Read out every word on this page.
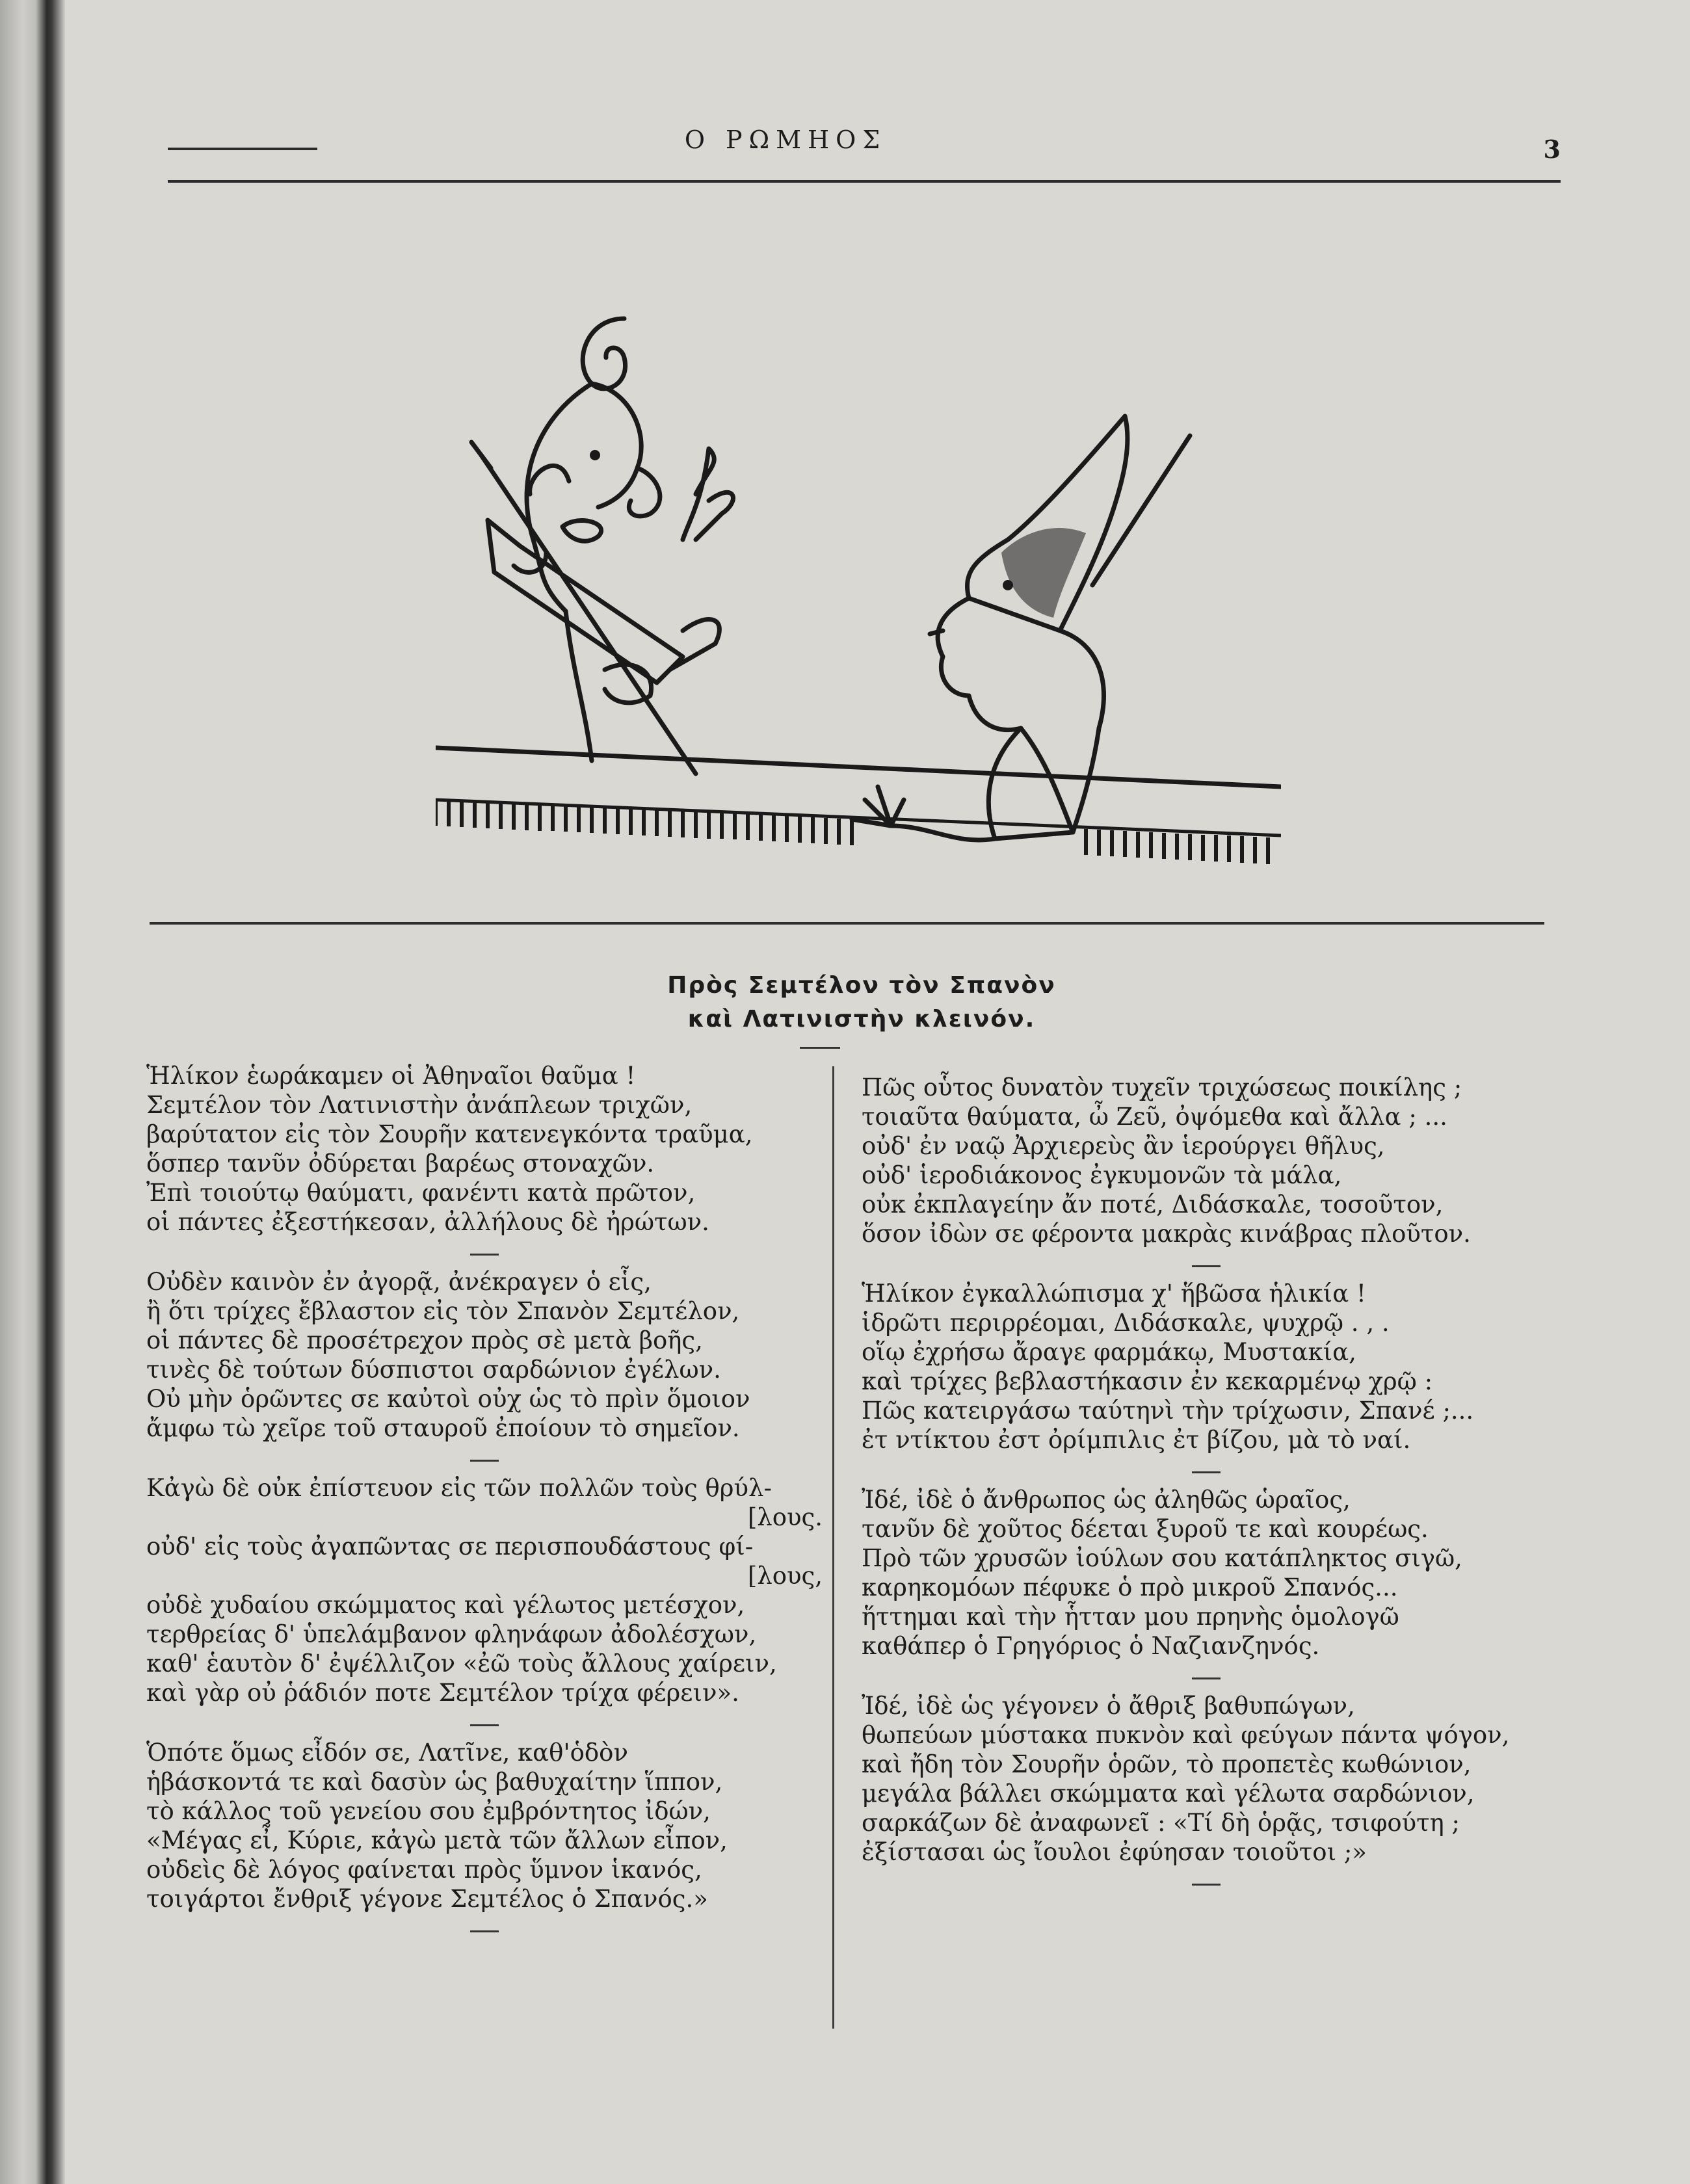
Ο ΡΩΜΗΟΣ	3
Πρὸς Σεμτέλον τὸν Σπανὸν
καὶ Λατινιστὴν κλεινόν.
Ἡλίκον ἑωράκαμεν οἱ Ἀθηναῖοι θαῦμα !
Σεμτέλον τὸν Λατινιστὴν ἀνάπλεων τριχῶν,
βαρύτατον εἰς τὸν Σουρῆν κατενεγκόντα τραῦμα,
ὅσπερ τανῦν ὀδύρεται βαρέως στοναχῶν.
Ἐπὶ τοιούτῳ θαύματι, φανέντι κατὰ πρῶτον,
οἱ πάντες ἐξεστήκεσαν, ἀλλήλους δὲ ἠρώτων.
Οὐδὲν καινὸν ἐν ἀγορᾷ, ἀνέκραγεν ὁ εἷς,
ἢ ὅτι τρίχες ἔβλαστον εἰς τὸν Σπανὸν Σεμτέλον,
οἱ πάντες δὲ προσέτρεχον πρὸς σὲ μετὰ βοῆς,
τινὲς δὲ τούτων δύσπιστοι σαρδώνιον ἐγέλων.
Οὐ μὴν ὁρῶντες σε καὐτοὶ οὐχ ὡς τὸ πρὶν ὅμοιον
ἄμφω τὼ χεῖρε τοῦ σταυροῦ ἐποίουν τὸ σημεῖον.
Κἀγὼ δὲ οὐκ ἐπίστευον εἰς τῶν πολλῶν τοὺς θρύλ-
[λους.
οὐδ' εἰς τοὺς ἀγαπῶντας σε περισπουδάστους φί-
[λους,
οὐδὲ χυδαίου σκώμματος καὶ γέλωτος μετέσχον,
τερθρείας δ' ὑπελάμβανον φληνάφων ἀδολέσχων,
καθ' ἑαυτὸν δ' ἐψέλλιζον «ἐῶ τοὺς ἄλλους χαίρειν,
καὶ γὰρ οὐ ῥάδιόν ποτε Σεμτέλον τρίχα φέρειν».
Ὁπότε ὅμως εἶδόν σε, Λατῖνε, καθ'ὁδὸν
ἡβάσκοντά τε καὶ δασὺν ὡς βαθυχαίτην ἵππον,
τὸ κάλλος τοῦ γενείου σου ἐμβρόντητος ἰδών,
«Μέγας εἶ, Κύριε, κἀγὼ μετὰ τῶν ἄλλων εἶπον,
οὐδεὶς δὲ λόγος φαίνεται πρὸς ὕμνον ἱκανός,
τοιγάρτοι ἔνθριξ γέγονε Σεμτέλος ὁ Σπανός.»
Πῶς οὗτος δυνατὸν τυχεῖν τριχώσεως ποικίλης ;
τοιαῦτα θαύματα, ὦ Ζεῦ, ὀψόμεθα καὶ ἄλλα ; ...
οὐδ' ἐν ναῷ Ἀρχιερεὺς ἂν ἱερούργει θῆλυς,
οὐδ' ἱεροδιάκονος ἐγκυμονῶν τὰ μάλα,
οὐκ ἐκπλαγείην ἄν ποτέ, Διδάσκαλε, τοσοῦτον,
ὅσον ἰδὼν σε φέροντα μακρὰς κινάβρας πλοῦτον.
Ἡλίκον ἐγκαλλώπισμα χ' ἥβῶσα ἡλικία !
ἱδρῶτι περιρρέομαι, Διδάσκαλε, ψυχρῷ . , .
οἵῳ ἐχρήσω ἄραγε φαρμάκῳ, Μυστακία,
καὶ τρίχες βεβλαστήκασιν ἐν κεκαρμένῳ χρῷ :
Πῶς κατειργάσω ταύτηνὶ τὴν τρίχωσιν, Σπανέ ;...
ἐτ ντίκτου ἐστ ὀρίμπιλις ἐτ βίζου, μὰ τὸ ναί.
Ἰδέ, ἰδὲ ὁ ἄνθρωπος ὡς ἀληθῶς ὡραῖος,
τανῦν δὲ χοῦτος δέεται ξυροῦ τε καὶ κουρέως.
Πρὸ τῶν χρυσῶν ἰούλων σου κατάπληκτος σιγῶ,
καρηκομόων πέφυκε ὁ πρὸ μικροῦ Σπανός...
ἥττημαι καὶ τὴν ἧτταν μου πρηνὴς ὁμολογῶ
καθάπερ ὁ Γρηγόριος ὁ Ναζιανζηνός.
Ἰδέ, ἰδὲ ὡς γέγονεν ὁ ἄθριξ βαθυπώγων,
θωπεύων μύστακα πυκνὸν καὶ φεύγων πάντα ψόγον,
καὶ ἤδη τὸν Σουρῆν ὁρῶν, τὸ προπετὲς κωθώνιον,
μεγάλα βάλλει σκώμματα καὶ γέλωτα σαρδώνιον,
σαρκάζων δὲ ἀναφωνεῖ : «Τί δὴ ὁρᾷς, τσιφούτη ;
ἐξίστασαι ὡς ἴουλοι ἐφύησαν τοιοῦτοι ;»
